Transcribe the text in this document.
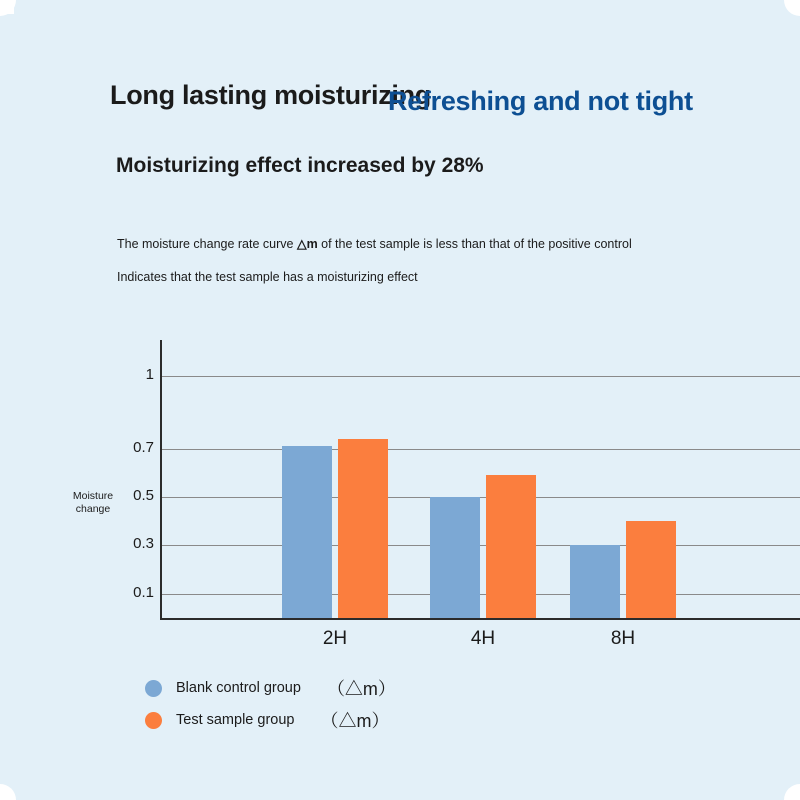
Long lasting moisturizing
Refreshing and not tight
Moisturizing effect increased by 28%
The moisture change rate curve △m of the test sample is less than that of the positive control
Indicates that the test sample has a moisturizing effect
Moisture
change
0.1
0.3
0.5
0.7
1
2H	4H	8H
Blank control group （△m）
Test sample group （△m）
